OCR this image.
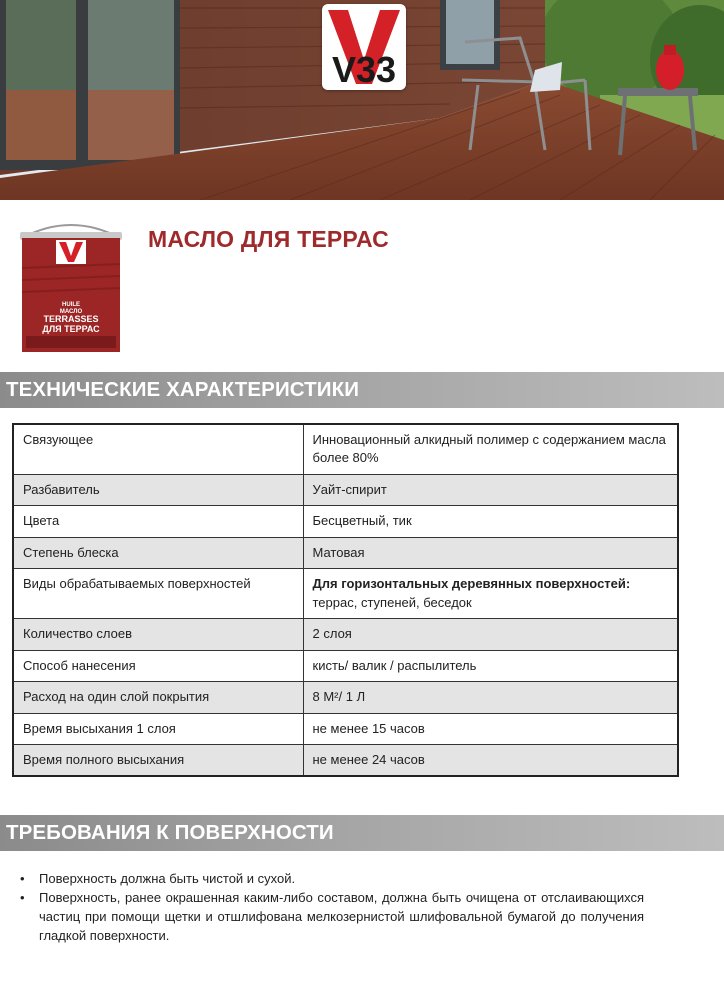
V33
HUILE
МАСЛО
TERRASSES
ДЛЯ ТЕРРАС
МАСЛО ДЛЯ ТЕРРАС
ТЕХНИЧЕСКИЕ ХАРАКТЕРИСТИКИ
Связующее	Инновационный алкидный полимер с содержанием масла более 80%
Разбавитель	Уайт-спирит
Цвета	Бесцветный, тик
Степень блеска	Матовая
Виды обрабатываемых поверхностей	Для горизонтальных деревянных поверхностей:
террас, ступеней, беседок

Количество слоев	2 слоя
Способ нанесения	кисть/ валик / распылитель
Расход на один слой покрытия	8 М²/ 1 Л
Время высыхания 1 слоя	не менее 15 часов
Время полного высыхания	не менее 24 часов
ТРЕБОВАНИЯ К ПОВЕРХНОСТИ
• Поверхность должна быть чистой и сухой.
• Поверхность, ранее окрашенная каким-либо составом, должна быть очищена от отслаивающихся частиц при помощи щетки и отшлифована мелкозернистой шлифовальной бумагой до получения гладкой поверхности.
